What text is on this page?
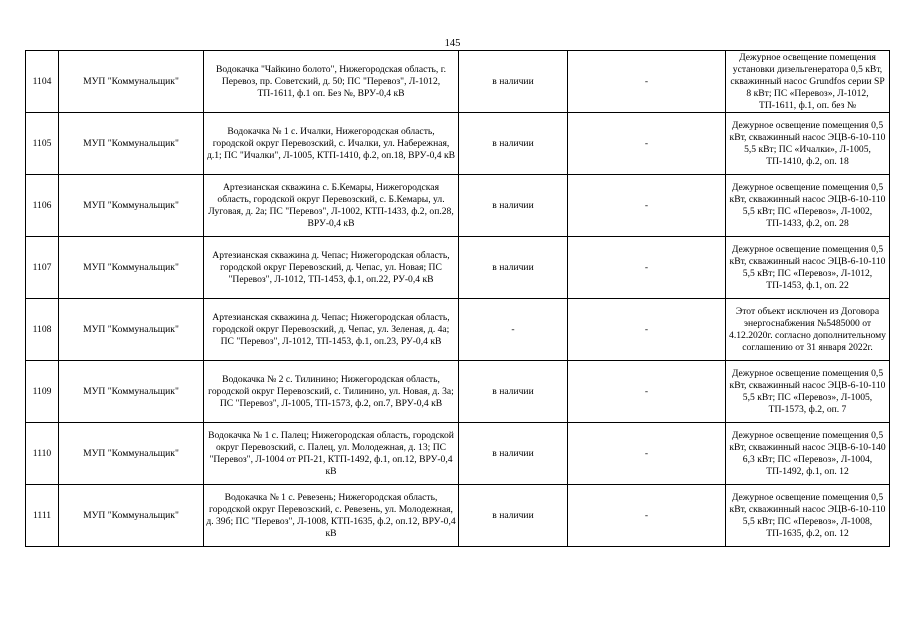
145
1104	МУП "Коммунальщик"	Водокачка "Чайкино болото", Нижегородская область, г. Перевоз, пр. Советский, д. 50; ПС "Перевоз", Л-1012, ТП-1611, ф.1 оп. Без №, ВРУ-0,4 кВ	в наличии	-	Дежурное освещение помещения установки дизельгенератора 0,5 кВт, скважинный насос Grundfos серии SP 8 кВт; ПС «Перевоз», Л-1012, ТП-1611, ф.1, оп. без №
1105	МУП "Коммунальщик"	Водокачка № 1 с. Ичалки, Нижегородская область, городской округ Перевозский, с. Ичалки, ул. Набережная, д.1; ПС "Ичалки", Л-1005, КТП-1410, ф.2, оп.18, ВРУ-0,4 кВ	в наличии	-	Дежурное освещение помещения 0,5 кВт, скважинный насос ЭЦВ-6-10-110 5,5 кВт; ПС «Ичалки», Л-1005, ТП-1410, ф.2, оп. 18
1106	МУП "Коммунальщик"	Артезианская скважина с. Б.Кемары, Нижегородская область, городской округ Перевозский, с. Б.Кемары, ул. Луговая, д. 2а; ПС "Перевоз", Л-1002, КТП-1433, ф.2, оп.28, ВРУ-0,4 кВ	в наличии	-	Дежурное освещение помещения 0,5 кВт, скважинный насос ЭЦВ-6-10-110 5,5 кВт; ПС «Перевоз», Л-1002, ТП-1433, ф.2, оп. 28
1107	МУП "Коммунальщик"	Артезианская скважина д. Чепас; Нижегородская область, городской округ Перевозский, д. Чепас, ул. Новая; ПС "Перевоз", Л-1012, ТП-1453, ф.1, оп.22, РУ-0,4 кВ	в наличии	-	Дежурное освещение помещения 0,5 кВт, скважинный насос ЭЦВ-6-10-110 5,5 кВт; ПС «Перевоз», Л-1012, ТП-1453, ф.1, оп. 22
1108	МУП "Коммунальщик"	Артезианская скважина д. Чепас; Нижегородская область, городской округ Перевозский, д. Чепас, ул. Зеленая, д. 4а; ПС "Перевоз", Л-1012, ТП-1453, ф.1, оп.23, РУ-0,4 кВ	-	-	Этот объект исключен из Договора энергоснабжения №5485000 от 4.12.2020г. согласно дополнительному соглашению от 31 января 2022г.
1109	МУП "Коммунальщик"	Водокачка № 2 с. Тилинино; Нижегородская область, городской округ Перевозский, с. Тилинино, ул. Новая, д. 3а; ПС "Перевоз", Л-1005, ТП-1573, ф.2, оп.7, ВРУ-0,4 кВ	в наличии	-	Дежурное освещение помещения 0,5 кВт, скважинный насос ЭЦВ-6-10-110 5,5 кВт; ПС «Перевоз», Л-1005, ТП-1573, ф.2, оп. 7
1110	МУП "Коммунальщик"	Водокачка № 1 с. Палец; Нижегородская область, городской округ Перевозский, с. Палец, ул. Молодежная, д. 13; ПС "Перевоз", Л-1004 от РП-21, КТП-1492, ф.1, оп.12, ВРУ-0,4 кВ	в наличии	-	Дежурное освещение помещения 0,5 кВт, скважинный насос ЭЦВ-6-10-140 6,3 кВт; ПС «Перевоз», Л-1004, ТП-1492, ф.1, оп. 12
1111	МУП "Коммунальщик"	Водокачка № 1 с. Ревезень; Нижегородская область, городской округ Перевозский, с. Ревезень, ул. Молодежная, д. 39б; ПС "Перевоз", Л-1008, КТП-1635, ф.2, оп.12, ВРУ-0,4 кВ	в наличии	-	Дежурное освещение помещения 0,5 кВт, скважинный насос ЭЦВ-6-10-110 5,5 кВт; ПС «Перевоз», Л-1008, ТП-1635, ф.2, оп. 12
